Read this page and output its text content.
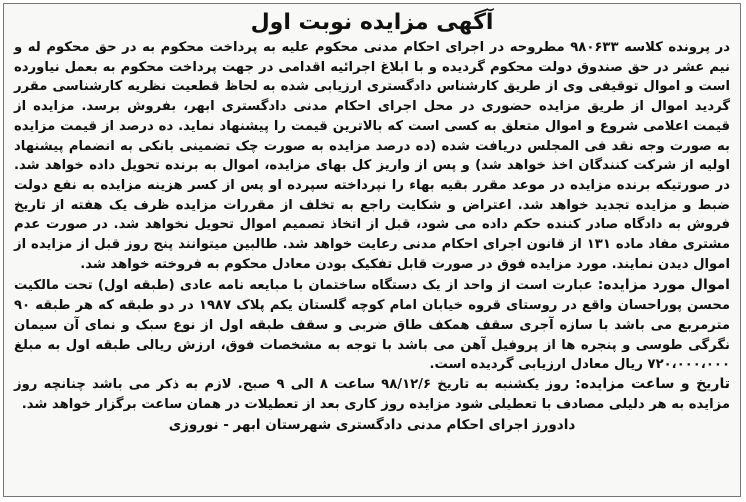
آگهی مزایده نوبت اول

در پرونده کلاسه ۹۸۰۶۳۳ مطروحه در اجرای احکام مدنی محکوم علیه به پرداخت محکوم به در حق محکوم له و نیم عشر در حق صندوق دولت محکوم گردیده و با ابلاغ اجرائیه اقدامی در جهت پرداخت محکوم به بعمل نیاورده است و اموال توقیفی وی از طریق کارشناس دادگستری ارزیابی شده به لحاظ قطعیت نظریه کارشناسی مقرر گردید اموال از طریق مزایده حضوری در محل اجرای احکام مدنی دادگستری ابهر، بفروش برسد. مزایده از قیمت اعلامی شروع و اموال متعلق به کسی است که بالاترین قیمت را پیشنهاد نماید. ده درصد از قیمت مزایده به صورت وجه نقد فی المجلس دریافت شده (ده درصد مزایده به صورت چک تضمینی بانکی به انضمام پیشنهاد اولیه از شرکت کنندگان اخذ خواهد شد) و پس از واریز کل بهای مزایده، اموال به برنده تحویل داده خواهد شد. در صورتیکه برنده مزایده در موعد مقرر بقیه بهاء را نپرداخته سپرده او پس از کسر هزینه مزایده به نفع دولت ضبط و مزایده تجدید خواهد شد. اعتراض و شکایت راجع به تخلف از مقررات مزایده ظرف یک هفته از تاریخ فروش به دادگاه صادر کننده حکم داده می شود، قبل از اتخاذ تصمیم اموال تحویل نخواهد شد. در صورت عدم مشتری مفاد ماده ۱۳۱ از قانون اجرای احکام مدنی رعایت خواهد شد. طالبین میتوانند پنج روز قبل از مزایده از اموال دیدن نمایند. مورد مزایده فوق در صورت قابل تفکیک بودن معادل محکوم به فروخته خواهد شد.

اموال مورد مزایده: عبارت است از واحد از یک دستگاه ساختمان با مبایعه نامه عادی (طبقه اول) تحت مالکیت محسن پوراحسان واقع در روستای قروه خیابان امام کوچه گلستان یکم پلاک ۱۹۸۷ در دو طبقه که هر طبقه ۹۰ مترمربع می باشد با سازه آجری سقف همکف طاق ضربی و سقف طبقه اول از نوع سبک و نمای آن سیمان نگرگی طوسی و پنجره ها از پروفیل آهن می باشد با توجه به مشخصات فوق، ارزش ریالی طبقه اول به مبلغ ۷۲۰،۰۰۰،۰۰۰ ریال معادل ارزیابی گردیده است.

تاریخ و ساعت مزایده: روز یکشنبه به تاریخ ۹۸/۱۲/۶ ساعت ۸ الی ۹ صبح. لازم به ذکر می باشد چنانچه روز مزایده به هر دلیلی مصادف با تعطیلی شود مزایده روز کاری بعد از تعطیلات در همان ساعت برگزار خواهد شد.

دادورز اجرای احکام مدنی دادگستری شهرستان ابهر - نوروزی
